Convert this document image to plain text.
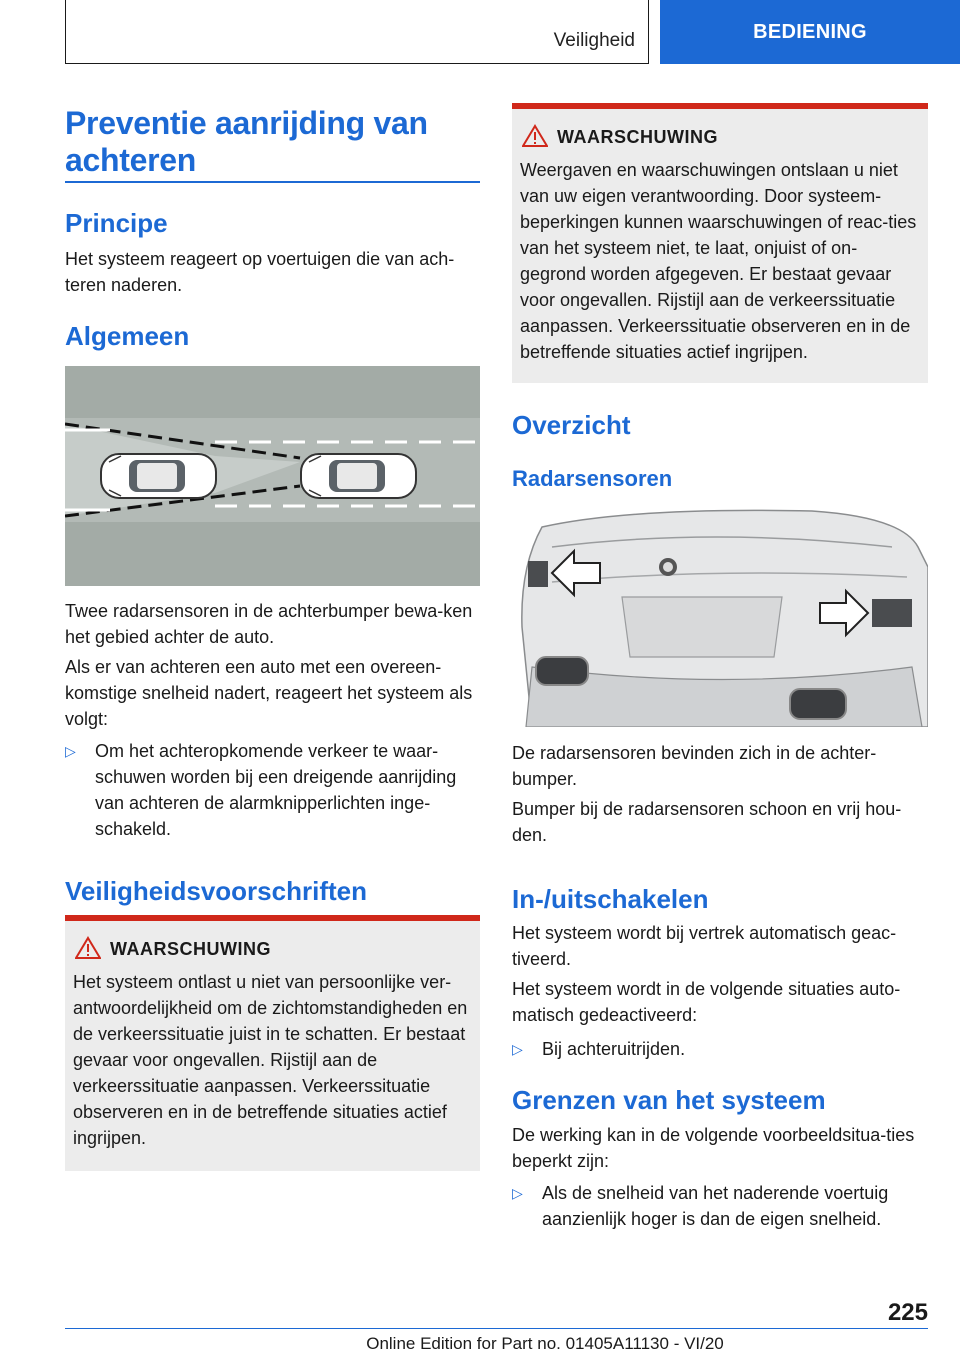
Veiligheid	BEDIENING
Preventie aanrijding van achteren
Principe
Het systeem reageert op voertuigen die van ach-teren naderen.
Algemeen
Twee radarsensoren in de achterbumper bewa-ken het gebied achter de auto.
Als er van achteren een auto met een overeen-komstige snelheid nadert, reageert het systeem als volgt:
▷	Om het achteropkomende verkeer te waar-schuwen worden bij een dreigende aanrijding van achteren de alarmknipperlichten inge-schakeld.
Veiligheidsvoorschriften
WAARSCHUWING
Het systeem ontlast u niet van persoonlijke ver-antwoordelijkheid om de zichtomstandigheden en de verkeerssituatie juist in te schatten. Er bestaat gevaar voor ongevallen. Rijstijl aan de verkeerssituatie aanpassen. Verkeerssituatie observeren en in de betreffende situaties actief ingrijpen.
WAARSCHUWING
Weergaven en waarschuwingen ontslaan u niet van uw eigen verantwoording. Door systeem-beperkingen kunnen waarschuwingen of reac-ties van het systeem niet, te laat, onjuist of on-gegrond worden afgegeven. Er bestaat gevaar voor ongevallen. Rijstijl aan de verkeerssituatie aanpassen. Verkeerssituatie observeren en in de betreffende situaties actief ingrijpen.
Overzicht
Radarsensoren
De radarsensoren bevinden zich in de achter-bumper.
Bumper bij de radarsensoren schoon en vrij hou-den.
In-/uitschakelen
Het systeem wordt bij vertrek automatisch geac-tiveerd.
Het systeem wordt in de volgende situaties auto-matisch gedeactiveerd:
▷	Bij achteruitrijden.
Grenzen van het systeem
De werking kan in de volgende voorbeeldsitua-ties beperkt zijn:
▷	Als de snelheid van het naderende voertuig aanzienlijk hoger is dan de eigen snelheid.
225
Online Edition for Part no. 01405A11130 - VI/20
